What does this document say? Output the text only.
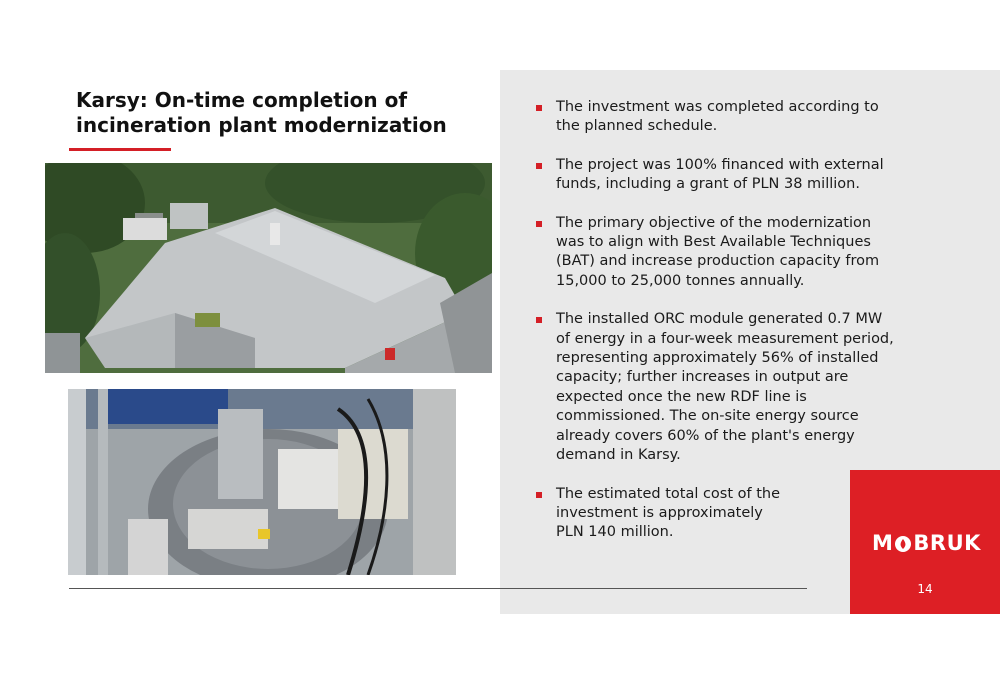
Karsy: On-time completion of incineration plant modernization
The investment was completed according to
the planned schedule.
The project was 100% financed with external
funds, including a grant of PLN 38 million.
The primary objective of the modernization
was to align with Best Available Techniques
(BAT) and increase production capacity from
15,000 to 25,000 tonnes annually.
The installed ORC module generated 0.7 MW
of energy in a four-week measurement period,
representing approximately 56% of installed
capacity; further increases in output are
expected once the new RDF line is
commissioned. The on-site energy source
already covers 60% of the plant's energy
demand in Karsy.
The estimated total cost of the
investment is approximately
PLN 140 million.	M BRUK
14
